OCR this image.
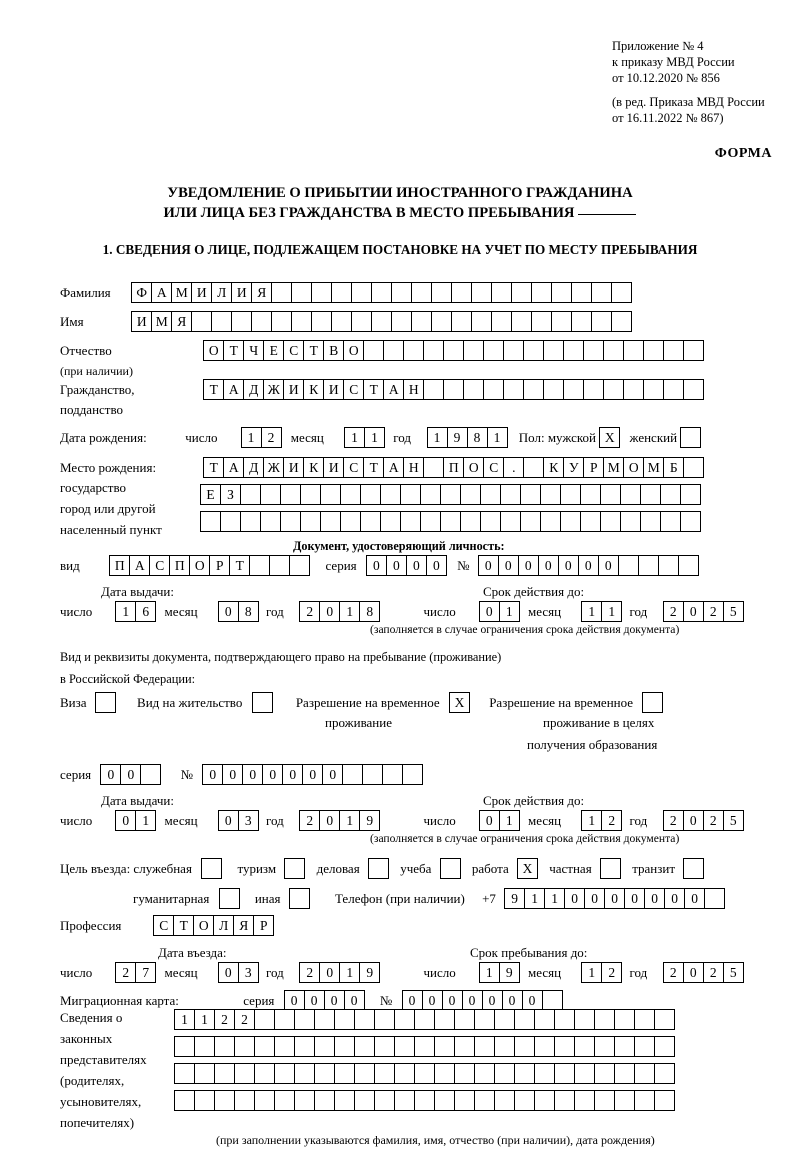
Приложение № 4
к приказу МВД России
от 10.12.2020 № 856
(в ред. Приказа МВД России
от 16.11.2022 № 867)
ФОРМА
УВЕДОМЛЕНИЕ О ПРИБЫТИИ ИНОСТРАННОГО ГРАЖДАНИНА
ИЛИ ЛИЦА БЕЗ ГРАЖДАНСТВА В МЕСТО ПРЕБЫВАНИЯ
1. СВЕДЕНИЯ О ЛИЦЕ, ПОДЛЕЖАЩЕМ ПОСТАНОВКЕ НА УЧЕТ ПО МЕСТУ ПРЕБЫВАНИЯ
Фамилия	Ф А М И Л И Я
Имя	И М Я
Отчество	О Т Ч Е С Т В О
(при наличии)
Гражданство,	Т А Д Ж И К И С Т А Н
подданство
Дата рождения:	число	1 2	месяц	1 1	год	1 9 8 1	Пол: мужской Х женский
Место рождения:	Т А Д Ж И К И С Т А Н	П О С	.	К У Р М О М Б
государство	Е З
город или другой
населенный пункт
Документ, удостоверяющий личность:
вид	П А С П О Р Т	серия	0 0 0 0	№	0 0 0 0 0 0 0
Дата выдачи:	Срок действия до:
число	1 6	месяц	0 8	год	2 0 1 8	число	0 1	месяц	1 1	год	2 0 2 5
(заполняется в случае ограничения срока действия документа)
Вид и реквизиты документа, подтверждающего право на пребывание (проживание)
в Российской Федерации:
Виза	Вид на жительство	Разрешение на временное Х Разрешение на временное
проживание	проживание в целях
получения образования
серия	0 0	№	0 0 0 0 0 0 0
Дата выдачи:	Срок действия до:
число	0 1	месяц	0 3	год	2 0 1 9	число	0 1	месяц	1 2	год	2 0 2 5
(заполняется в случае ограничения срока действия документа)
Цель въезда: служебная	туризм	деловая	учеба	работа Х частная	транзит
гуманитарная	иная	Телефон (при наличии) +7	9 1 1 0 0 0 0 0 0 0
Профессия	С Т О Л Я Р
Дата въезда:	Срок пребывания до:
число	2 7	месяц	0 3	год	2 0 1 9	число	1 9	месяц	1 2	год	2 0 2 5
Миграционная карта:	серия	0 0 0 0	№	0 0 0 0 0 0 0
Сведения о
законных
представителях
(родителях,
усыновителях,
попечителях)
1 1 2 2
(при заполнении указываются фамилия, имя, отчество (при наличии), дата рождения)
